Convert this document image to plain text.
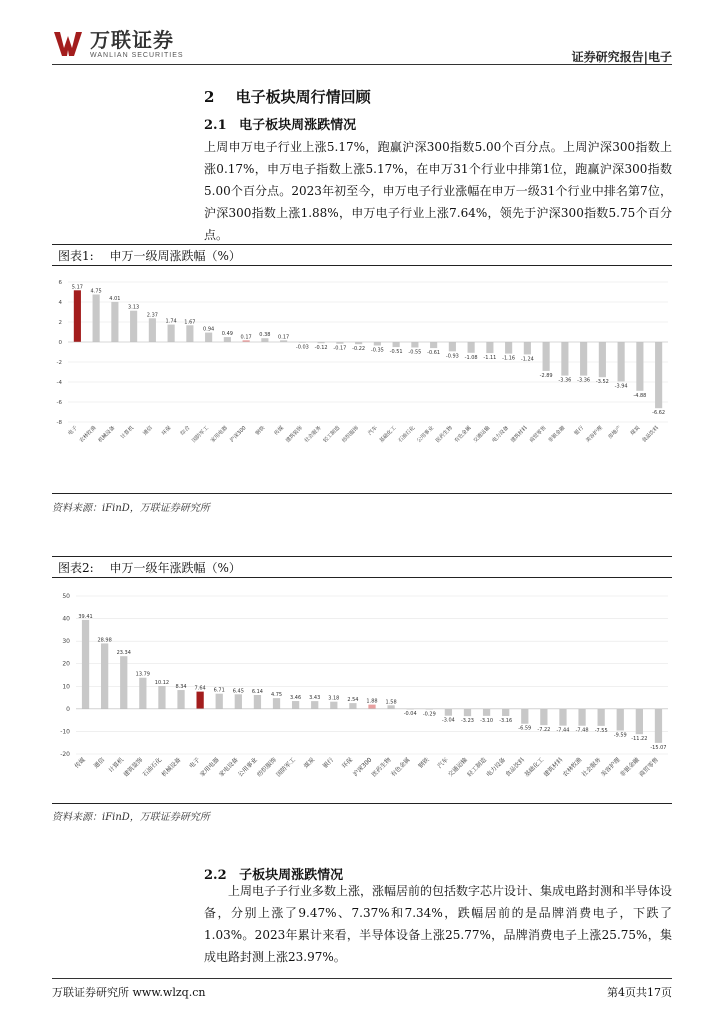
万联证券
WANLIAN SECURITIES	证券研究报告|电子
2 电子板块周行情回顾
2.1 电子板块周涨跌情况
上周申万电子行业上涨5.17%，跑赢沪深300指数5.00个百分点。上周沪深300指数上涨0.17%，申万电子指数上涨5.17%，在申万31个行业中排第1位，跑赢沪深300指数5.00个百分点。2023年初至今，申万电子行业涨幅在申万一级31个行业中排名第7位，沪深300指数上涨1.88%，申万电子行业上涨7.64%，领先于沪深300指数5.75个百分点。
图表1: 申万一级周涨跌幅（%）
6
4
2
0
-2
-4
-6
-8
5.17
电子
4.75
农林牧渔
4.01
机械设备
3.13
计算机
2.37
通信
1.74
环保
1.67
综合
0.94
国防军工
0.49
家用电器
0.17
沪深300
0.38
钢铁
0.17
传媒
-0.03
建筑装饰
-0.12
社会服务
-0.17
轻工制造
-0.22
纺织服饰
-0.35
汽车
-0.51
基础化工
-0.55
石油石化
-0.61
公用事业
-0.93
医药生物
-1.08
有色金属
-1.11
交通运输
-1.16
电力设备
-1.24
建筑材料
-2.89
商贸零售
-3.36
非银金融
-3.36
银行
-3.52
美容护理
-3.94
房地产
-4.88
煤炭
-6.62
食品饮料
资料来源：iFinD，万联证券研究所
图表2: 申万一级年涨跌幅（%）
50
40
30
20
10
0
-10
-20
39.41
传媒
28.98
通信
23.34
计算机
13.79
建筑装饰
10.12
石油石化
8.34
机械设备
7.64
电子
6.71
家用电器
6.45
家电设备
6.14
公用事业
4.75
纺织服饰
3.46
国防军工
3.43
煤炭
3.18
银行
2.54
环保
1.88
沪深300
1.58
医药生物
-0.04
有色金属
-0.29
钢铁
-3.04
汽车
-3.23
交通运输
-3.10
轻工制造
-3.16
电力设备
-6.59
食品饮料
-7.22
基础化工
-7.44
建筑材料
-7.48
农林牧渔
-7.55
社会服务
-9.59
美容护理
-11.22
非银金融
-15.07
商贸零售
资料来源：iFinD，万联证券研究所
2.2 子板块周涨跌情况
上周电子子行业多数上涨，涨幅居前的包括数字芯片设计、集成电路封测和半导体设备，分别上涨了9.47%、7.37%和7.34%，跌幅居前的是品牌消费电子，下跌了1.03%。2023年累计来看，半导体设备上涨25.77%，品牌消费电子上涨25.75%，集成电路封测上涨23.97%。
万联证券研究所 www.wlzq.cn	第4页共17页
